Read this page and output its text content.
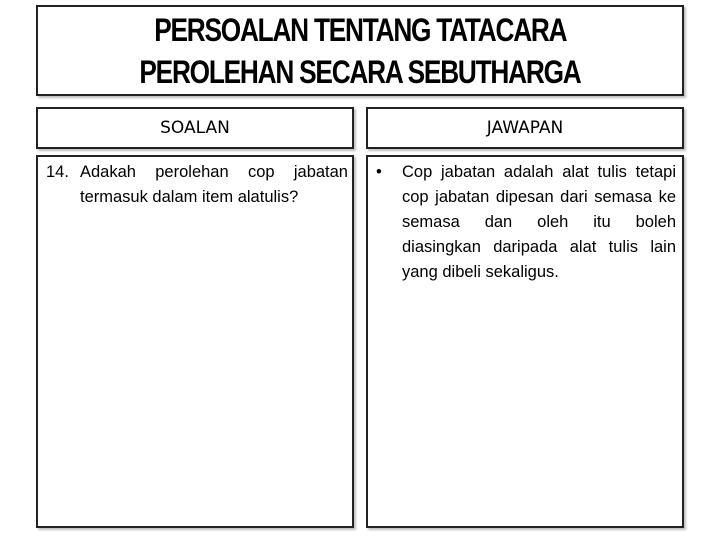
PERSOALAN TENTANG TATACARA
PEROLEHAN SECARA SEBUTHARGA
SOALAN	JAWAPAN
14. Adakah perolehan cop jabatan termasuk dalam item alatulis?
•	Cop jabatan adalah alat tulis tetapi cop jabatan dipesan dari semasa ke semasa dan oleh itu boleh diasingkan daripada alat tulis lain yang dibeli sekaligus.
